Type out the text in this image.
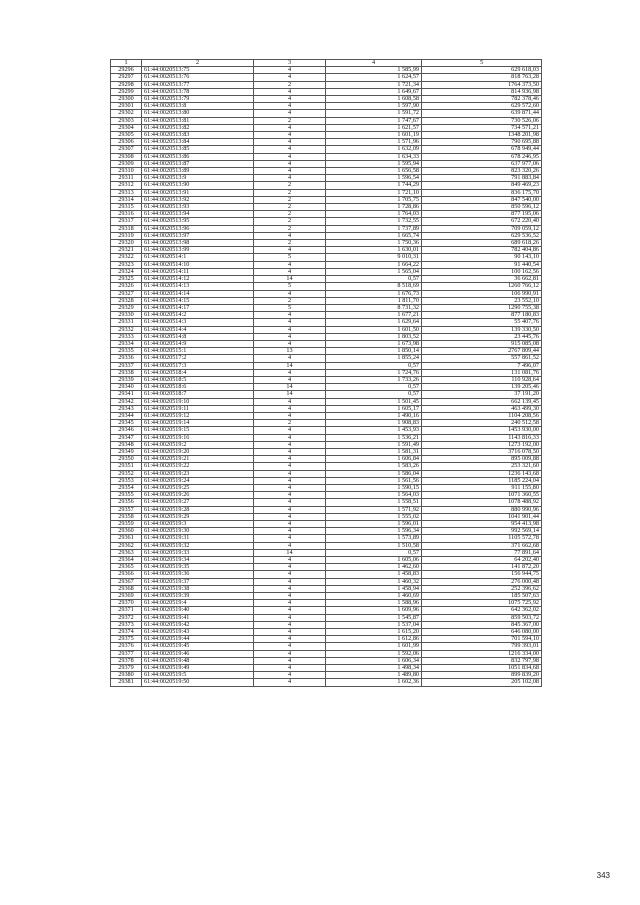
1	2	3	4	5
29296	61:44:0020513:75	4	1 585,99	629 618,03
29297	61:44:0020513:76	4	1 624,57	818 763,28
29298	61:44:0020513:77	2	1 721,34	1764 373,50
29299	61:44:0020513:78	4	1 649,67	814 936,98
29300	61:44:0020513:79	4	1 608,58	782 378,46
29301	61:44:0020513:8	4	1 597,90	629 572,60
29302	61:44:0020513:80	4	1 591,72	639 871,44
29303	61:44:0020513:81	2	1 747,67	730 526,06
29304	61:44:0020513:82	4	1 621,57	734 571,21
29305	61:44:0020513:83	4	1 601,19	1348 201,98
29306	61:44:0020513:84	4	1 571,96	790 695,88
29307	61:44:0020513:85	4	1 632,09	678 949,44
29308	61:44:0020513:86	4	1 634,33	678 246,95
29309	61:44:0020513:87	4	1 595,94	637 977,06
29310	61:44:0020513:89	4	1 656,58	823 320,26
29311	61:44:0020513:9	4	1 596,54	791 883,84
29312	61:44:0020513:90	2	1 744,29	849 469,23
29313	61:44:0020513:91	2	1 721,10	836 175,70
29314	61:44:0020513:92	2	1 705,75	847 540,00
29315	61:44:0020513:93	2	1 728,86	850 596,12
29316	61:44:0020513:94	2	1 764,03	877 195,06
29317	61:44:0020513:95	2	1 732,55	672 220,40
29318	61:44:0020513:96	2	1 737,89	709 059,12
29319	61:44:0020513:97	4	1 665,74	629 536,52
29320	61:44:0020513:98	2	1 750,36	689 618,26
29321	61:44:0020513:99	4	1 630,01	782 404,86
29322	61:44:0020514:1	5	9 010,31	90 143,10
29323	61:44:0020514:10	4	1 664,22	91 440,54
29324	61:44:0020514:11	4	1 565,04	100 162,56
29325	61:44:0020514:12	14	0,57	36 662,81
29326	61:44:0020514:13	5	8 518,69	1260 766,12
29327	61:44:0020514:14	4	1 676,73	106 990,91
29328	61:44:0020514:15	2	1 811,70	23 552,10
29329	61:44:0020514:17	5	8 731,32	1290 755,38
29330	61:44:0020514:2	4	1 677,21	877 180,83
29331	61:44:0020514:3	4	1 629,64	55 407,76
29332	61:44:0020514:4	4	1 601,50	139 330,50
29333	61:44:0020514:8	4	1 803,52	23 445,76
29334	61:44:0020514:9	4	1 673,98	915 085,08
29335	61:44:0020515:1	13	1 850,14	2767 809,44
29336	61:44:0020517:2	4	1 855,24	557 861,52
29337	61:44:0020517:3	14	0,57	7 496,07
29338	61:44:0020518:4	4	1 724,76	131 081,76
29339	61:44:0020518:5	4	1 733,26	110 928,64
29340	61:44:0020518:6	14	0,57	139 205,46
29341	61:44:0020518:7	14	0,57	37 191,20
29342	61:44:0020519:10	4	1 501,45	662 139,45
29343	61:44:0020519:11	4	1 605,17	463 499,30
29344	61:44:0020519:12	4	1 490,16	1104 208,56
29345	61:44:0020519:14	2	1 908,83	240 512,58
29346	61:44:0020519:15	4	1 453,93	1453 930,00
29347	61:44:0020519:16	4	1 536,21	1143 816,33
29348	61:44:0020519:2	4	1 591,49	1273 192,00
29349	61:44:0020519:20	4	1 581,31	3716 078,50
29350	61:44:0020519:21	4	1 606,84	895 009,88
29351	61:44:0020519:22	4	1 583,26	253 321,60
29352	61:44:0020519:23	4	1 586,04	1236 143,68
29353	61:44:0020519:24	4	1 561,56	1185 224,04
29354	61:44:0020519:25	4	1 590,15	911 155,80
29355	61:44:0020519:26	4	1 564,03	1071 360,55
29356	61:44:0020519:27	4	1 558,51	1078 488,92
29357	61:44:0020519:28	4	1 571,92	880 990,96
29358	61:44:0020519:29	4	1 555,02	1041 901,44
29359	61:44:0020519:3	4	1 596,01	954 413,98
29360	61:44:0020519:30	4	1 596,34	992 569,14
29361	61:44:0020519:31	4	1 573,89	1105 572,78
29362	61:44:0020519:32	4	1 510,58	371 662,68
29363	61:44:0020519:33	14	0,57	77 891,64
29364	61:44:0020519:34	4	1 605,06	64 202,40
29365	61:44:0020519:35	4	1 462,60	141 872,20
29366	61:44:0020519:36	4	1 458,83	156 944,75
29367	61:44:0020519:37	4	1 460,32	276 000,48
29368	61:44:0020519:38	4	1 458,94	252 396,62
29369	61:44:0020519:39	4	1 460,69	185 507,63
29370	61:44:0020519:4	4	1 588,96	1075 725,92
29371	61:44:0020519:40	4	1 609,96	642 362,02
29372	61:44:0020519:41	4	1 545,87	859 503,72
29373	61:44:0020519:42	4	1 537,04	845 367,00
29374	61:44:0020519:43	4	1 615,20	646 080,00
29375	61:44:0020519:44	4	1 612,86	701 594,10
29376	61:44:0020519:45	4	1 601,99	799 393,01
29377	61:44:0020519:46	4	1 592,06	1216 334,00
29378	61:44:0020519:48	4	1 606,34	832 797,98
29379	61:44:0020519:49	4	1 498,34	1051 834,68
29380	61:44:0020519:5	4	1 489,80	899 839,20
29381	61:44:0020519:50	4	1 602,36	205 102,08
343
